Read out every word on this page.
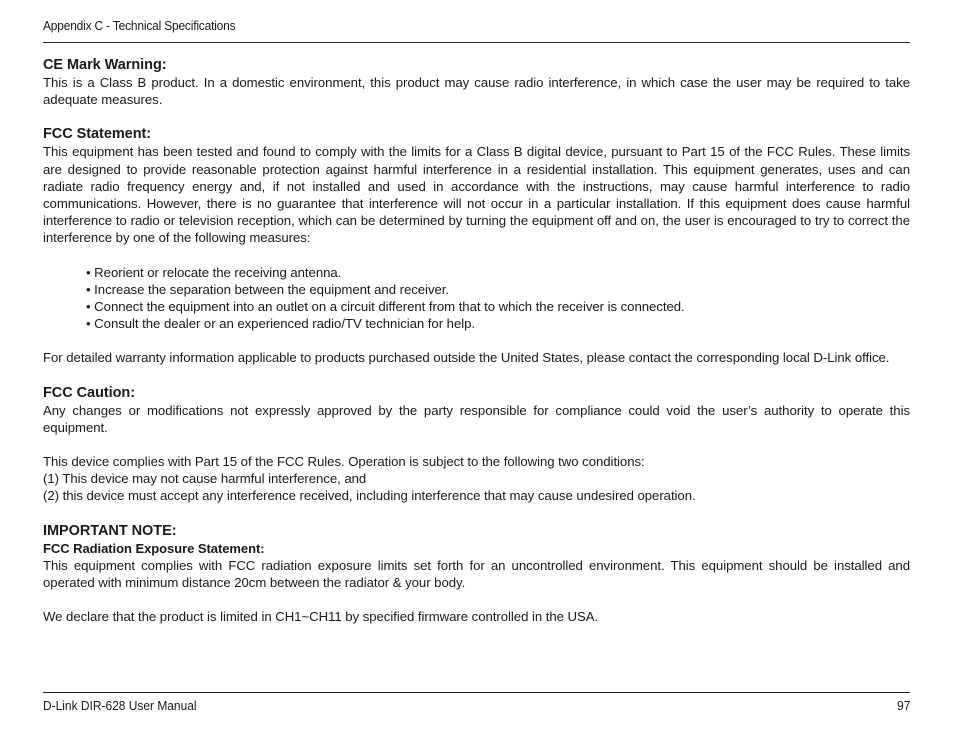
Appendix C - Technical Specifications
CE Mark Warning:

This is a Class B product. In a domestic environment, this product may cause radio interference, in which case the user may be required to take adequate measures.

FCC Statement:

This equipment has been tested and found to comply with the limits for a Class B digital device, pursuant to Part 15 of the FCC Rules. These limits are designed to provide reasonable protection against harmful interference in a residential installation. This equipment generates, uses and can radiate radio frequency energy and, if not installed and used in accordance with the instructions, may cause harmful interference to radio communications. However, there is no guarantee that interference will not occur in a particular installation. If this equipment does cause harmful interference to radio or television reception, which can be determined by turning the equipment off and on, the user is encouraged to try to correct the interference by one of the following measures:

• Reorient or relocate the receiving antenna.
• Increase the separation between the equipment and receiver.
• Connect the equipment into an outlet on a circuit different from that to which the receiver is connected.
• Consult the dealer or an experienced radio/TV technician for help.

For detailed warranty information applicable to products purchased outside the United States, please contact the corresponding local D-Link office.

FCC Caution:

Any changes or modifications not expressly approved by the party responsible for compliance could void the user’s authority to operate this equipment.

This device complies with Part 15 of the FCC Rules. Operation is subject to the following two conditions:

(1) This device may not cause harmful interference, and

(2) this device must accept any interference received, including interference that may cause undesired operation.

IMPORTANT NOTE:
FCC Radiation Exposure Statement:

This equipment complies with FCC radiation exposure limits set forth for an uncontrolled environment. This equipment should be installed and operated with minimum distance 20cm between the radiator & your body.

We declare that the product is limited in CH1~CH11 by specified firmware controlled in the USA.

D-Link DIR-628 User Manual	97
